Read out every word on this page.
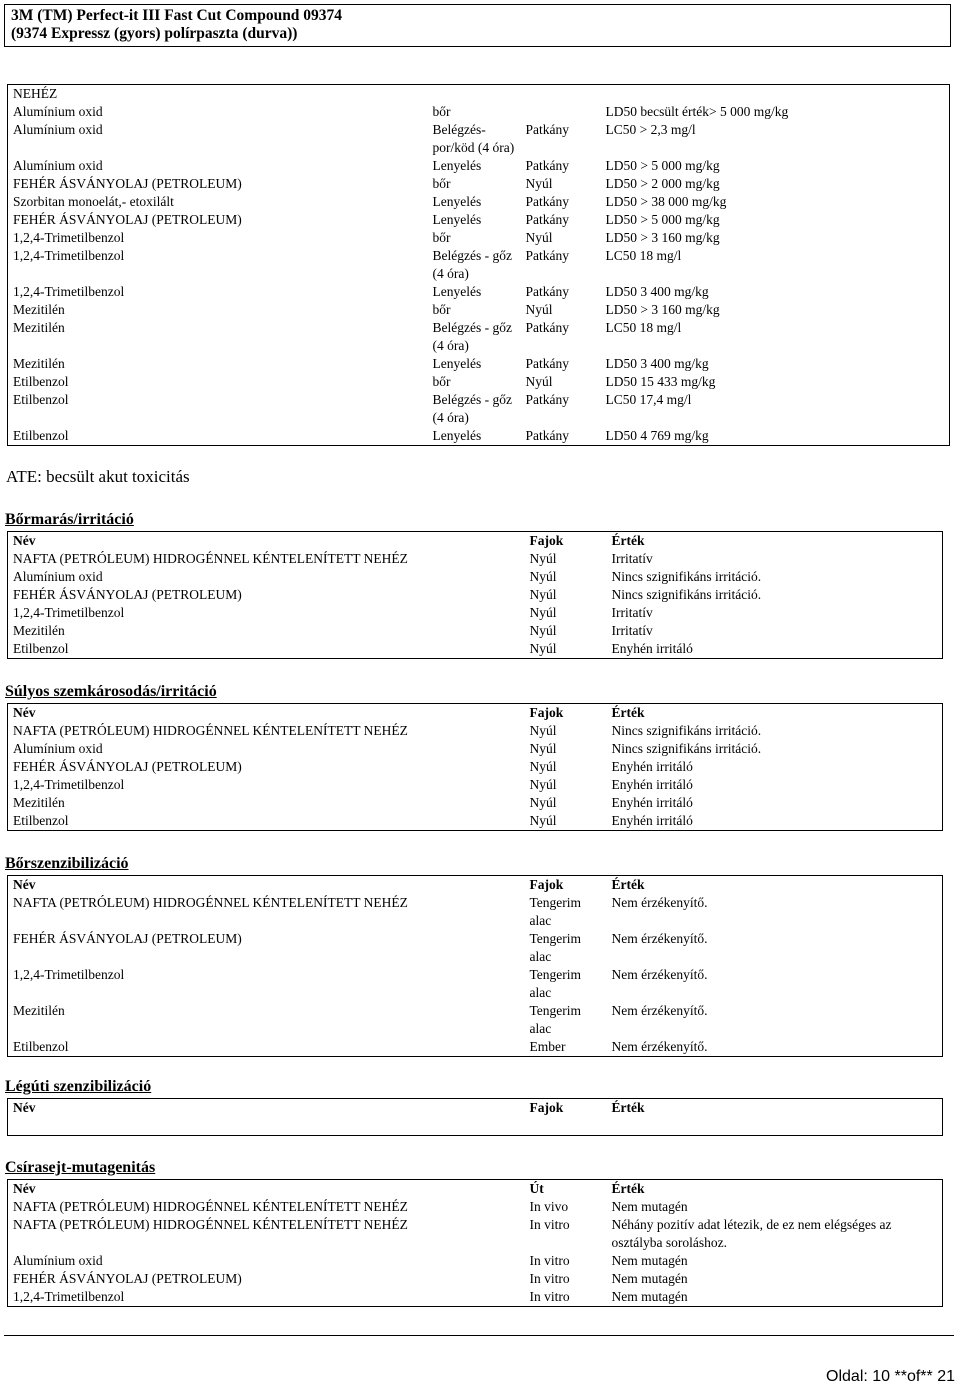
3M (TM) Perfect-it III Fast Cut Compound 09374
(9374 Expressz (gyors) polírpaszta (durva))
NEHÉZ			
Alumínium oxid	bőr		LD50 becsült érték> 5 000 mg/kg
Alumínium oxid	Belégzés-por/köd (4 óra)	Patkány	LC50 > 2,3 mg/l
Alumínium oxid	Lenyelés	Patkány	LD50 > 5 000 mg/kg
FEHÉR ÁSVÁNYOLAJ (PETROLEUM)	bőr	Nyúl	LD50 > 2 000 mg/kg
Szorbitan monoelát,- etoxilált	Lenyelés	Patkány	LD50 > 38 000 mg/kg
FEHÉR ÁSVÁNYOLAJ (PETROLEUM)	Lenyelés	Patkány	LD50 > 5 000 mg/kg
1,2,4-Trimetilbenzol	bőr	Nyúl	LD50 > 3 160 mg/kg
1,2,4-Trimetilbenzol	Belégzés - gőz (4 óra)	Patkány	LC50 18 mg/l
1,2,4-Trimetilbenzol	Lenyelés	Patkány	LD50 3 400 mg/kg
Mezitilén	bőr	Nyúl	LD50 > 3 160 mg/kg
Mezitilén	Belégzés - gőz (4 óra)	Patkány	LC50 18 mg/l
Mezitilén	Lenyelés	Patkány	LD50 3 400 mg/kg
Etilbenzol	bőr	Nyúl	LD50 15 433 mg/kg
Etilbenzol	Belégzés - gőz (4 óra)	Patkány	LC50 17,4 mg/l
Etilbenzol	Lenyelés	Patkány	LD50 4 769 mg/kg
ATE: becsült akut toxicitás
Bőrmarás/irritáció
Név	Fajok	Érték
NAFTA (PETRÓLEUM) HIDROGÉNNEL KÉNTELENÍTETT NEHÉZ	Nyúl	Irritatív
Alumínium oxid	Nyúl	Nincs szignifikáns irritáció.
FEHÉR ÁSVÁNYOLAJ (PETROLEUM)	Nyúl	Nincs szignifikáns irritáció.
1,2,4-Trimetilbenzol	Nyúl	Irritatív
Mezitilén	Nyúl	Irritatív
Etilbenzol	Nyúl	Enyhén irritáló
Súlyos szemkárosodás/irritáció
Név	Fajok	Érték
NAFTA (PETRÓLEUM) HIDROGÉNNEL KÉNTELENÍTETT NEHÉZ	Nyúl	Nincs szignifikáns irritáció.
Alumínium oxid	Nyúl	Nincs szignifikáns irritáció.
FEHÉR ÁSVÁNYOLAJ (PETROLEUM)	Nyúl	Enyhén irritáló
1,2,4-Trimetilbenzol	Nyúl	Enyhén irritáló
Mezitilén	Nyúl	Enyhén irritáló
Etilbenzol	Nyúl	Enyhén irritáló
Bőrszenzibilizáció
Név	Fajok	Érték
NAFTA (PETRÓLEUM) HIDROGÉNNEL KÉNTELENÍTETT NEHÉZ	Tengerim alac	Nem érzékenyítő.
FEHÉR ÁSVÁNYOLAJ (PETROLEUM)	Tengerim alac	Nem érzékenyítő.
1,2,4-Trimetilbenzol	Tengerim alac	Nem érzékenyítő.
Mezitilén	Tengerim alac	Nem érzékenyítő.
Etilbenzol	Ember	Nem érzékenyítő.
Légúti szenzibilizáció
Név	Fajok	Érték
Csírasejt-mutagenitás
Név	Út	Érték
NAFTA (PETRÓLEUM) HIDROGÉNNEL KÉNTELENÍTETT NEHÉZ	In vivo	Nem mutagén
NAFTA (PETRÓLEUM) HIDROGÉNNEL KÉNTELENÍTETT NEHÉZ	In vitro	Néhány pozitív adat létezik, de ez nem elégséges az osztályba soroláshoz.
Alumínium oxid	In vitro	Nem mutagén
FEHÉR ÁSVÁNYOLAJ (PETROLEUM)	In vitro	Nem mutagén
1,2,4-Trimetilbenzol	In vitro	Nem mutagén
Oldal: 10 **of** 21
